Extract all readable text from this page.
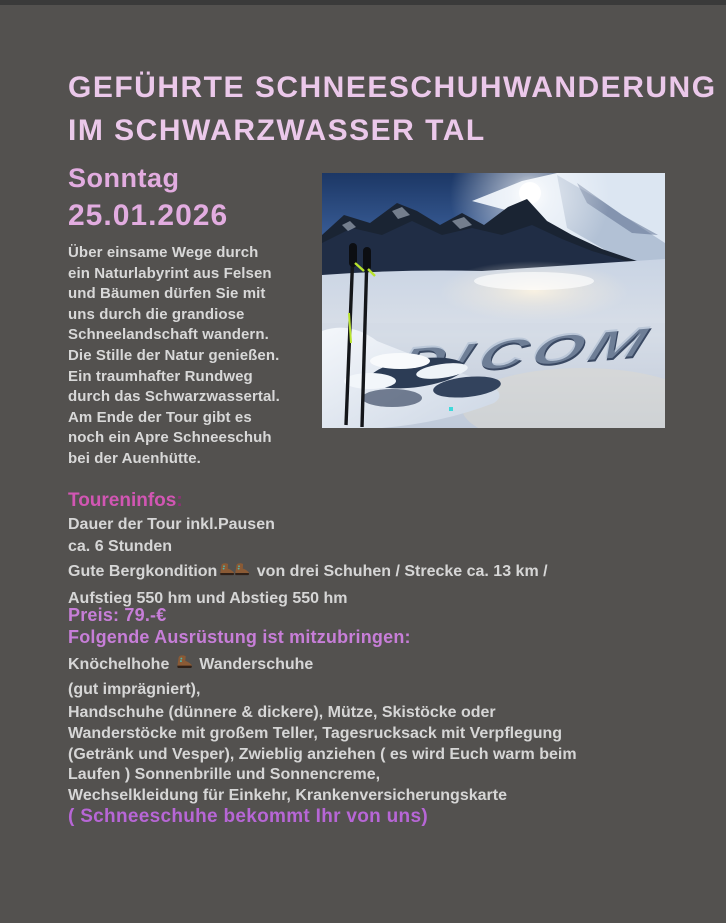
GEFÜHRTE SCHNEESCHUHWANDERUNG
IM SCHWARZWASSER TAL
Sonntag
25.01.2026
Über einsame Wege durch
ein Naturlabyrint aus Felsen
und Bäumen dürfen Sie mit
uns durch die grandiose
Schneelandschaft wandern.
Die Stille der Natur genießen.
Ein traumhafter Rundweg
durch das Schwarzwassertal.
Am Ende der Tour gibt es
noch ein Apre Schneeschuh
bei der Auenhütte.
Toureninfos:
Dauer der Tour inkl.Pausen
ca. 6 Stunden
Gute Bergkondition von drei Schuhen / Strecke ca. 13 km /
Aufstieg 550 hm und Abstieg 550 hm
Preis: 79.-€
Folgende Ausrüstung ist mitzubringen:
Knöchelhohe  Wanderschuhe
(gut imprägniert),
Handschuhe (dünnere & dickere), Mütze, Skistöcke oder
Wanderstöcke mit großem Teller, Tagesrucksack mit Verpflegung
(Getränk und Vesper), Zwieblig anziehen ( es wird Euch warm beim
Laufen ) Sonnenbrille und Sonnencreme,
Wechselkleidung für Einkehr, Krankenversicherungskarte
( Schneeschuhe bekommt Ihr von uns)
